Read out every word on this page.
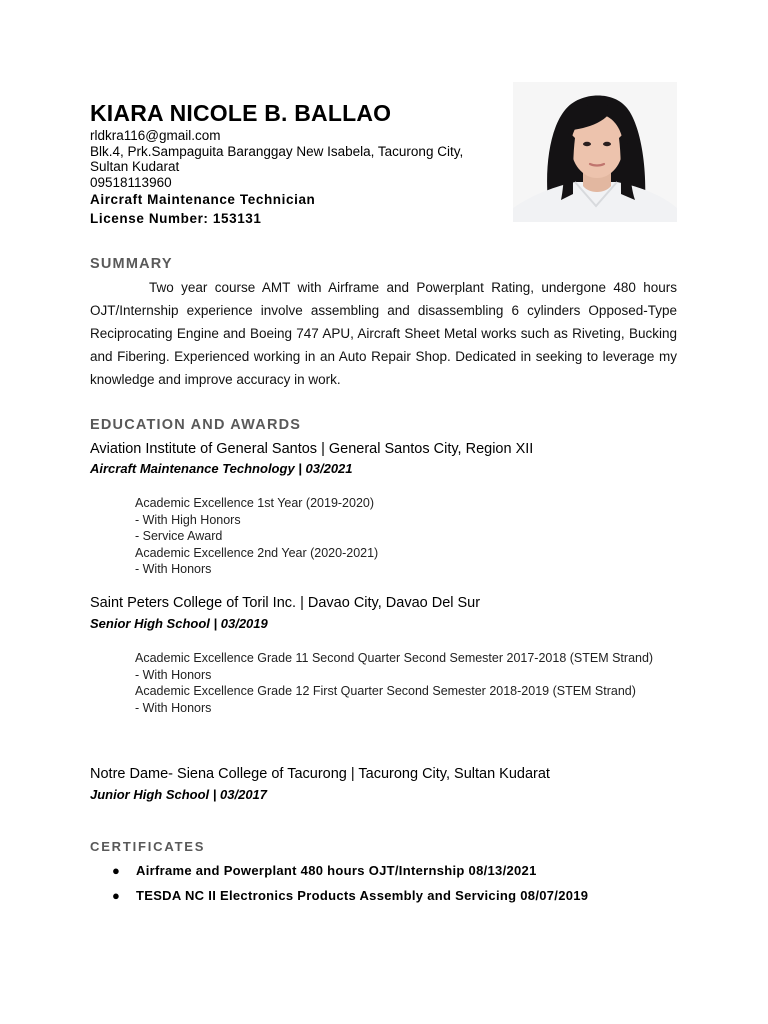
KIARA NICOLE B. BALLAO
rldkra116@gmail.com
Blk.4, Prk.Sampaguita Baranggay New Isabela, Tacurong City, Sultan Kudarat
09518113960
Aircraft Maintenance Technician
License Number: 153131
SUMMARY
Two year course AMT with Airframe and Powerplant Rating, undergone 480 hours OJT/Internship experience involve assembling and disassembling 6 cylinders Opposed-Type Reciprocating Engine and Boeing 747 APU, Aircraft Sheet Metal works such as Riveting, Bucking and Fibering. Experienced working in an Auto Repair Shop. Dedicated in seeking to leverage my knowledge and improve accuracy in work.
EDUCATION AND AWARDS
Aviation Institute of General Santos | General Santos City, Region XII
Aircraft Maintenance Technology | 03/2021
Academic Excellence 1st Year (2019-2020)
- With High Honors
- Service Award
Academic Excellence 2nd Year (2020-2021)
- With Honors
Saint Peters College of Toril Inc. | Davao City, Davao Del Sur
Senior High School | 03/2019
Academic Excellence Grade 11 Second Quarter Second Semester 2017-2018 (STEM Strand)
- With Honors
Academic Excellence Grade 12 First Quarter Second Semester 2018-2019 (STEM Strand)
- With Honors
Notre Dame- Siena College of Tacurong | Tacurong City, Sultan Kudarat
Junior High School | 03/2017
CERTIFICATES
●	Airframe and Powerplant 480 hours OJT/Internship 08/13/2021
●	TESDA NC II Electronics Products Assembly and Servicing 08/07/2019
